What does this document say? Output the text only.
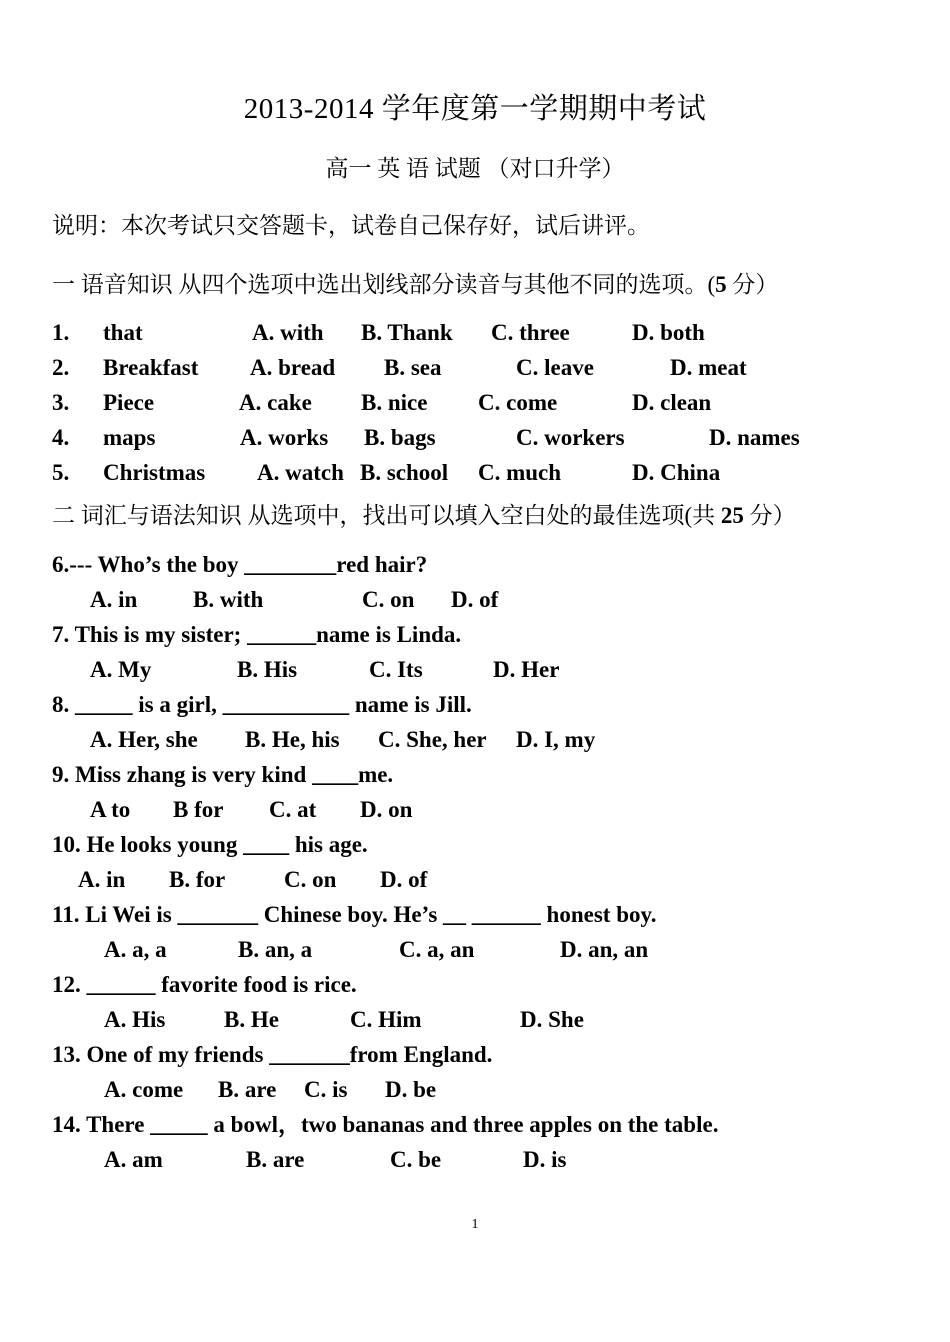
2013-2014 学年度第一学期期中考试
高一 英 语 试题 （对口升学）
说明：本次考试只交答题卡，试卷自己保存好，试后讲评。
一 语音知识 从四个选项中选出划线部分读音与其他不同的选项。(5 分）
1. that	A. with B. Thank C. three	D. both
2. Breakfast A. bread B. sea	C. leave	D. meat
3. Piece	A. cake B. nice C. come	D. clean
4. maps	A. works B. bags	C. workers	D. names
5. Christmas A. watch B. school C. much	D. China
二 词汇与语法知识 从选项中，找出可以填入空白处的最佳选项(共 25 分）
6.--- Who’s the boy ________red hair?
A. in B. with	C. on D. of
7. This is my sister; ______name is Linda.
A. My	B. His	C. Its	D. Her
8. _____ is a girl, ___________ name is Jill.
A. Her, she B. He, his C. She, her D. I, my
9. Miss zhang is very kind ____me.
A to B for C. at D. on
10. He looks young ____ his age.
A. in B. for	C. on D. of
11. Li Wei is _______ Chinese boy. He’s __ ______ honest boy.
A. a, a	B. an, a	C. a, an	D. an, an
12. ______ favorite food is rice.
A. His	B. He	C. Him	D. She
13. One of my friends _______from England.
A. come B. are C. is D. be
14. There _____ a bowl，two bananas and three apples on the table.
A. am	B. are	C. be	D. is
1
